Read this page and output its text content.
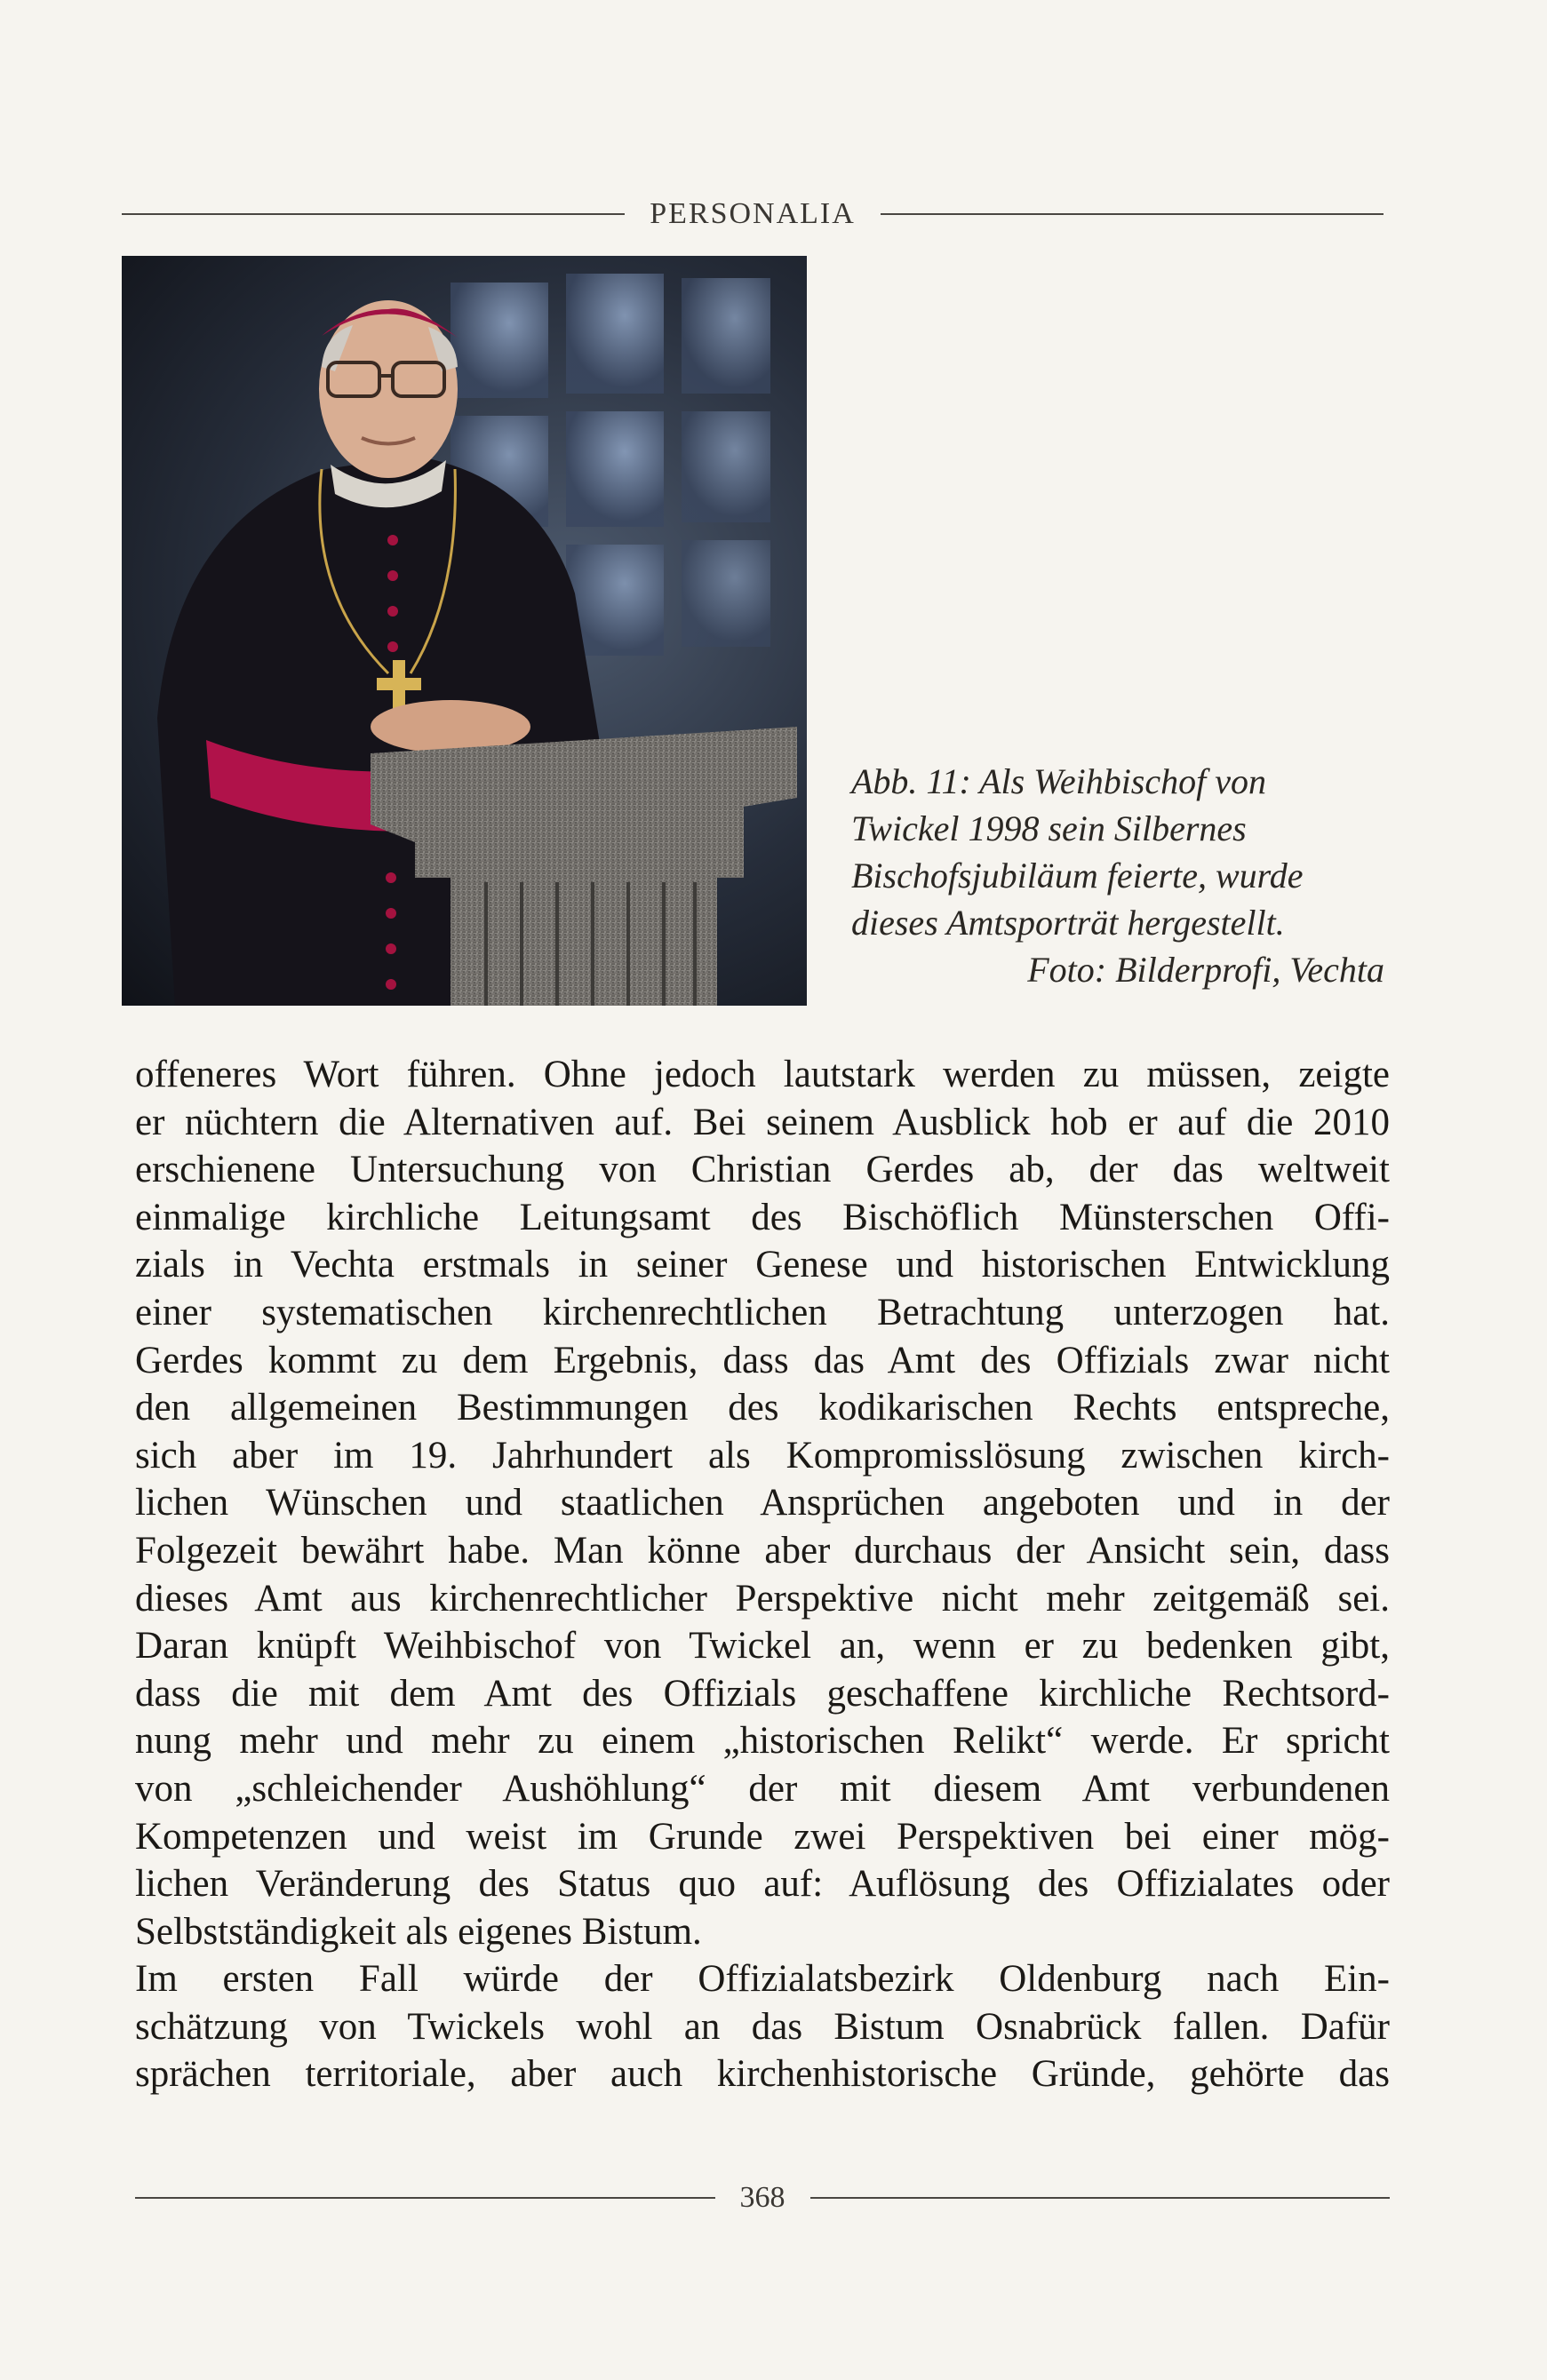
PERSONALIA
Abb. 11: Als Weihbischof von
Twickel 1998 sein Silbernes
Bischofsjubiläum feierte, wurde
dieses Amtsporträt hergestellt.
Foto: Bilderprofi, Vechta
offeneres Wort führen. Ohne jedoch lautstark werden zu müssen, zeigte
er nüchtern die Alternativen auf. Bei seinem Ausblick hob er auf die 2010
erschienene Untersuchung von Christian Gerdes ab, der das weltweit
einmalige kirchliche Leitungsamt des Bischöflich Münsterschen Offi-
zials in Vechta erstmals in seiner Genese und historischen Entwicklung
einer systematischen kirchenrechtlichen Betrachtung unterzogen hat.
Gerdes kommt zu dem Ergebnis, dass das Amt des Offizials zwar nicht
den allgemeinen Bestimmungen des kodikarischen Rechts entspreche,
sich aber im 19. Jahrhundert als Kompromisslösung zwischen kirch-
lichen Wünschen und staatlichen Ansprüchen angeboten und in der
Folgezeit bewährt habe. Man könne aber durchaus der Ansicht sein, dass
dieses Amt aus kirchenrechtlicher Perspektive nicht mehr zeitgemäß sei.
Daran knüpft Weihbischof von Twickel an, wenn er zu bedenken gibt,
dass die mit dem Amt des Offizials geschaffene kirchliche Rechtsord-
nung mehr und mehr zu einem „historischen Relikt“ werde. Er spricht
von „schleichender Aushöhlung“ der mit diesem Amt verbundenen
Kompetenzen und weist im Grunde zwei Perspektiven bei einer mög-
lichen Veränderung des Status quo auf: Auflösung des Offizialates oder
Selbstständigkeit als eigenes Bistum.
Im ersten Fall würde der Offizialatsbezirk Oldenburg nach Ein-
schätzung von Twickels wohl an das Bistum Osnabrück fallen. Dafür
sprächen territoriale, aber auch kirchenhistorische Gründe, gehörte das
368
